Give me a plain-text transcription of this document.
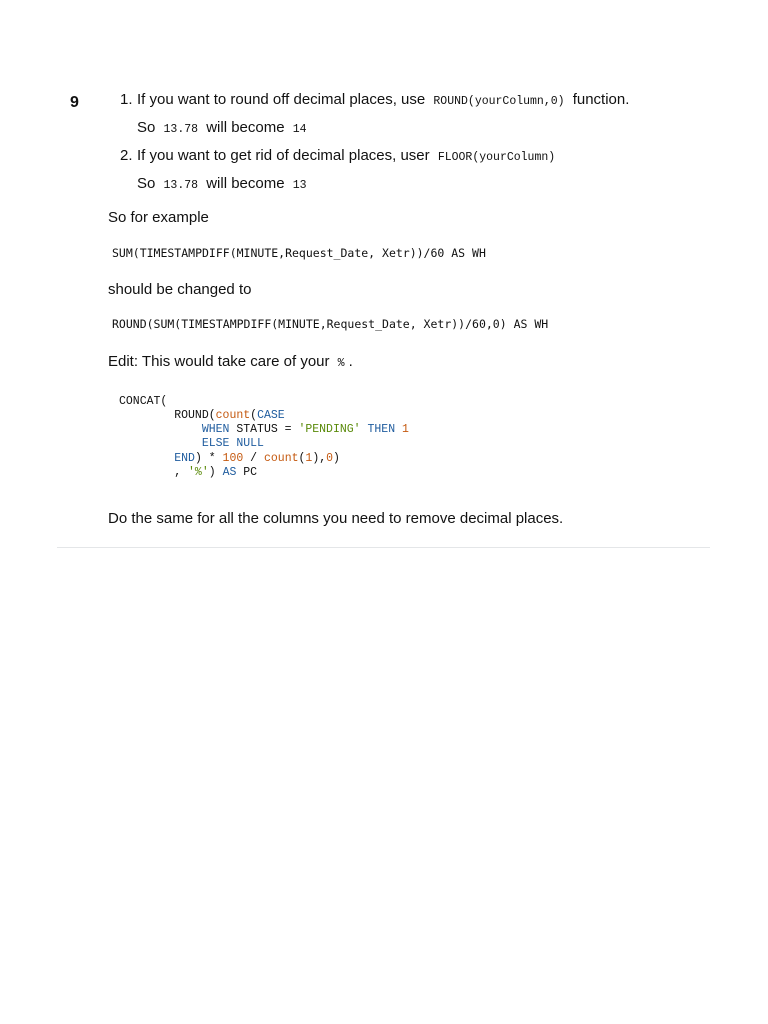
9	1. If you want to round off decimal places, use ROUND(yourColumn,0) function.
So 13.78 will become 14
2. If you want to get rid of decimal places, user FLOOR(yourColumn)
So 13.78 will become 13

So for example

SUM(TIMESTAMPDIFF(MINUTE,Request_Date, Xetr))/60 AS WH

should be changed to

ROUND(SUM(TIMESTAMPDIFF(MINUTE,Request_Date, Xetr))/60,0) AS WH

Edit: This would take care of your % .

CONCAT(
ROUND(count(CASE
WHEN STATUS = 'PENDING' THEN 1
ELSE NULL
END) * 100 / count(1),0)
, '%') AS PC

Do the same for all the columns you need to remove decimal places.
